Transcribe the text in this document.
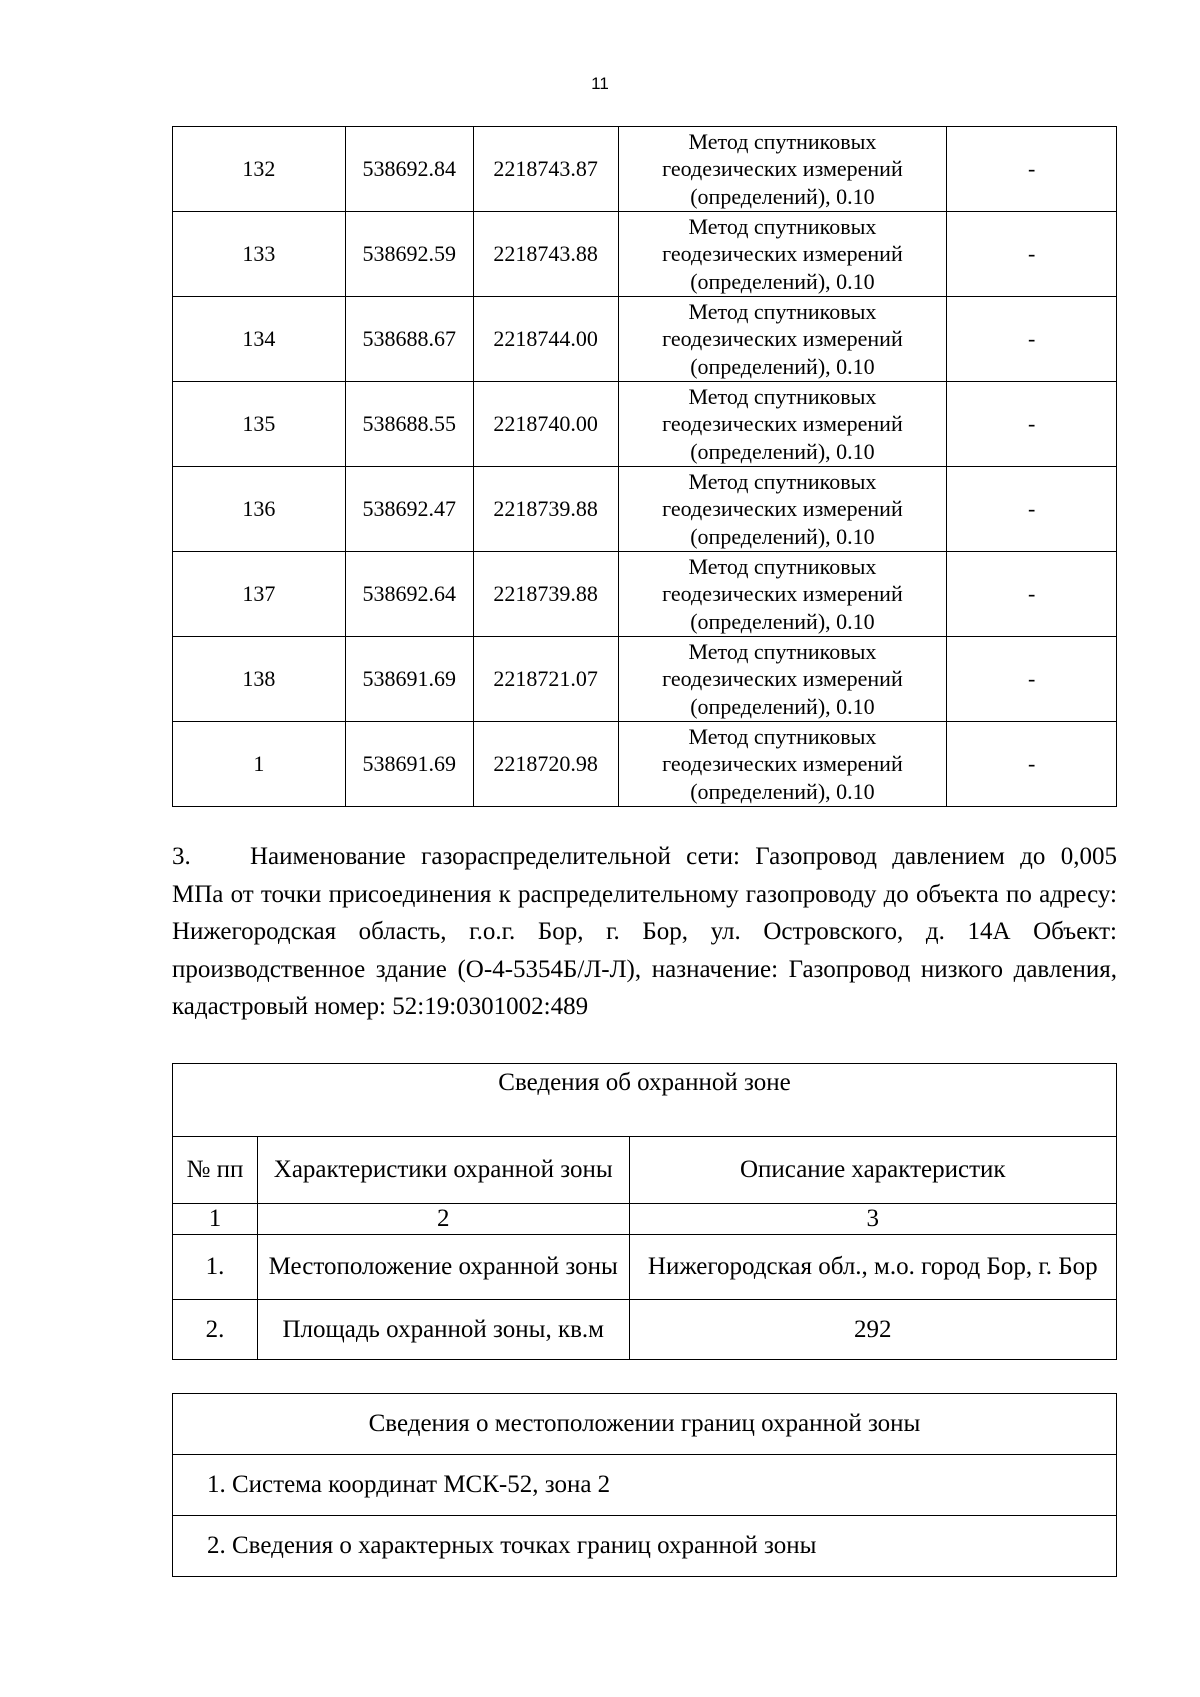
11
132	538692.84	2218743.87	Метод спутниковых
геодезических измерений
(определений), 0.10	-
133	538692.59	2218743.88	Метод спутниковых
геодезических измерений
(определений), 0.10	-
134	538688.67	2218744.00	Метод спутниковых
геодезических измерений
(определений), 0.10	-
135	538688.55	2218740.00	Метод спутниковых
геодезических измерений
(определений), 0.10	-
136	538692.47	2218739.88	Метод спутниковых
геодезических измерений
(определений), 0.10	-
137	538692.64	2218739.88	Метод спутниковых
геодезических измерений
(определений), 0.10	-
138	538691.69	2218721.07	Метод спутниковых
геодезических измерений
(определений), 0.10	-
1	538691.69	2218720.98	Метод спутниковых
геодезических измерений
(определений), 0.10	-

3. Наименование газораспределительной сети: Газопровод давлением до 0,005 МПа от точки присоединения к распределительному газопроводу до объекта по адресу: Нижегородская область, г.о.г. Бор, г. Бор, ул. Островского, д. 14А Объект: производственное здание (О-4-5354Б/Л-Л), назначение: Газопровод низкого давления, кадастровый номер: 52:19:0301002:489

Сведения об охранной зоне		
№ пп	Характеристики охранной зоны	Описание характеристик
1	2	3
1.	Местоположение охранной зоны	Нижегородская обл., м.о. город Бор, г. Бор
2.	Площадь охранной зоны, кв.м	292
Сведения о местоположении границ охранной зоны
1. Система координат МСК-52, зона 2
2. Сведения о характерных точках границ охранной зоны
